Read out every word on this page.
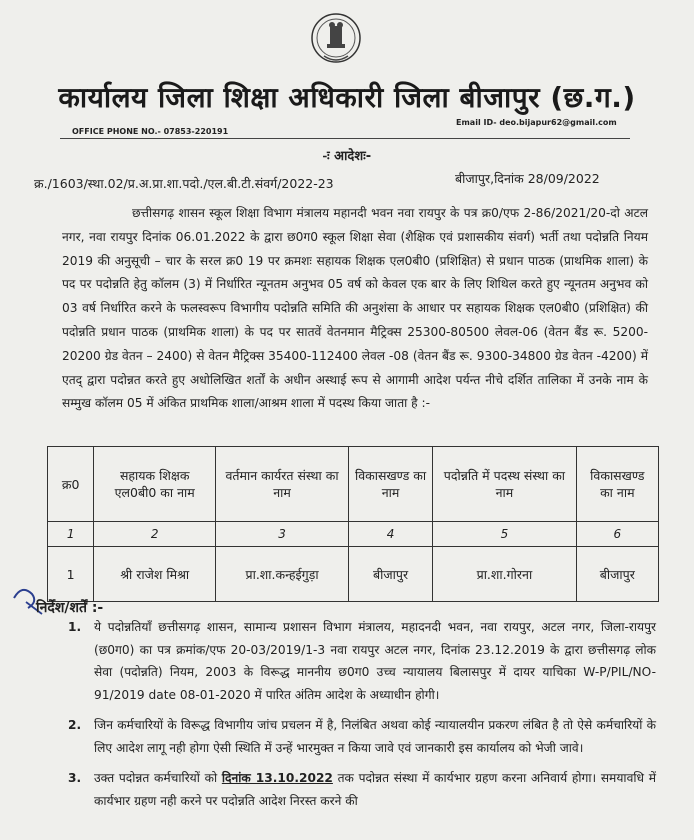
कार्यालय जिला शिक्षा अधिकारी जिला बीजापुर (छ.ग.)
Email ID- deo.bijapur62@gmail.com
OFFICE PHONE NO.- 07853-220191
-ः आदेशः-
क्र./1603/स्था.02/प्र.अ.प्रा.शा.पदो./एल.बी.टी.संवर्ग/2022-23	बीजापुर,दिनांक 28/09/2022

छत्तीसगढ़ शासन स्कूल शिक्षा विभाग मंत्रालय महानदी भवन नवा रायपुर के पत्र क्र0/एफ 2-86/2021/20-दो अटल नगर, नवा रायपुर दिनांक 06.01.2022 के द्वारा छ0ग0 स्कूल शिक्षा सेवा (शैक्षिक एवं प्रशासकीय संवर्ग) भर्ती तथा पदोन्नति नियम 2019 की अनुसूची – चार के सरल क्र0 19 पर क्रमशः सहायक शिक्षक एल0बी0 (प्रशिक्षित) से प्रधान पाठक (प्राथमिक शाला) के पद पर पदोन्नति हेतु कॉलम (3) में निर्धारित न्यूनतम अनुभव 05 वर्ष को केवल एक बार के लिए शिथिल करते हुए न्यूनतम अनुभव को 03 वर्ष निर्धारित करने के फलस्वरूप विभागीय पदोन्नति समिति की अनुशंसा के आधार पर सहायक शिक्षक एल0बी0 (प्रशिक्षित) की पदोन्नति प्रधान पाठक (प्राथमिक शाला) के पद पर सातवें वेतनमान मैट्रिक्स 25300-80500 लेवल-06 (वेतन बैंड रू. 5200-20200 ग्रेड वेतन – 2400) से वेतन मैट्रिक्स 35400-112400 लेवल -08 (वेतन बैंड रू. 9300-34800 ग्रेड वेतन -4200) में एतद् द्वारा पदोन्नत करते हुए अधोलिखित शर्तों के अधीन अस्थाई रूप से आगामी आदेश पर्यन्त नीचे दर्शित तालिका में उनके नाम के सम्मुख कॉलम 05 में अंकित प्राथमिक शाला/आश्रम शाला में पदस्थ किया जाता है :-

क्र0	सहायक शिक्षक एल0बी0 का नाम	वर्तमान कार्यरत संस्था का नाम	विकासखण्ड का नाम	पदोन्नति में पदस्थ संस्था का नाम	विकासखण्ड का नाम
1	2	3	4	5	6
1	श्री राजेश मिश्रा	प्रा.शा.कन्हईगुड़ा	बीजापुर	प्रा.शा.गोरना	बीजापुर
निर्देश/शर्तें :-
1. ये पदोन्नतियाँ छत्तीसगढ़ शासन, सामान्य प्रशासन विभाग मंत्रालय, महादनदी भवन, नवा रायपुर, अटल नगर, जिला-रायपुर (छ0ग0) का पत्र क्रमांक/एफ 20-03/2019/1-3 नवा रायपुर अटल नगर, दिनांक 23.12.2019 के द्वारा छत्तीसगढ़ लोक सेवा (पदोन्नति) नियम, 2003 के विरूद्ध माननीय छ0ग0 उच्च न्यायालय बिलासपुर में दायर याचिका W-P/PIL/NO-91/2019 date 08-01-2020 में पारित अंतिम आदेश के अध्याधीन होगी।
2. जिन कर्मचारियों के विरूद्ध विभागीय जांच प्रचलन में है, निलंबित अथवा कोई न्यायालयीन प्रकरण लंबित है तो ऐसे कर्मचारियों के लिए आदेश लागू नही होगा ऐसी स्थिति में उन्हें भारमुक्त न किया जावे एवं जानकारी इस कार्यालय को भेजी जावे।
3. उक्त पदोन्नत कर्मचारियों को दिनांक 13.10.2022 तक पदोन्नत संस्था में कार्यभार ग्रहण करना अनिवार्य होगा। समयावधि में कार्यभार ग्रहण नही करने पर पदोन्नति आदेश निरस्त करने की
